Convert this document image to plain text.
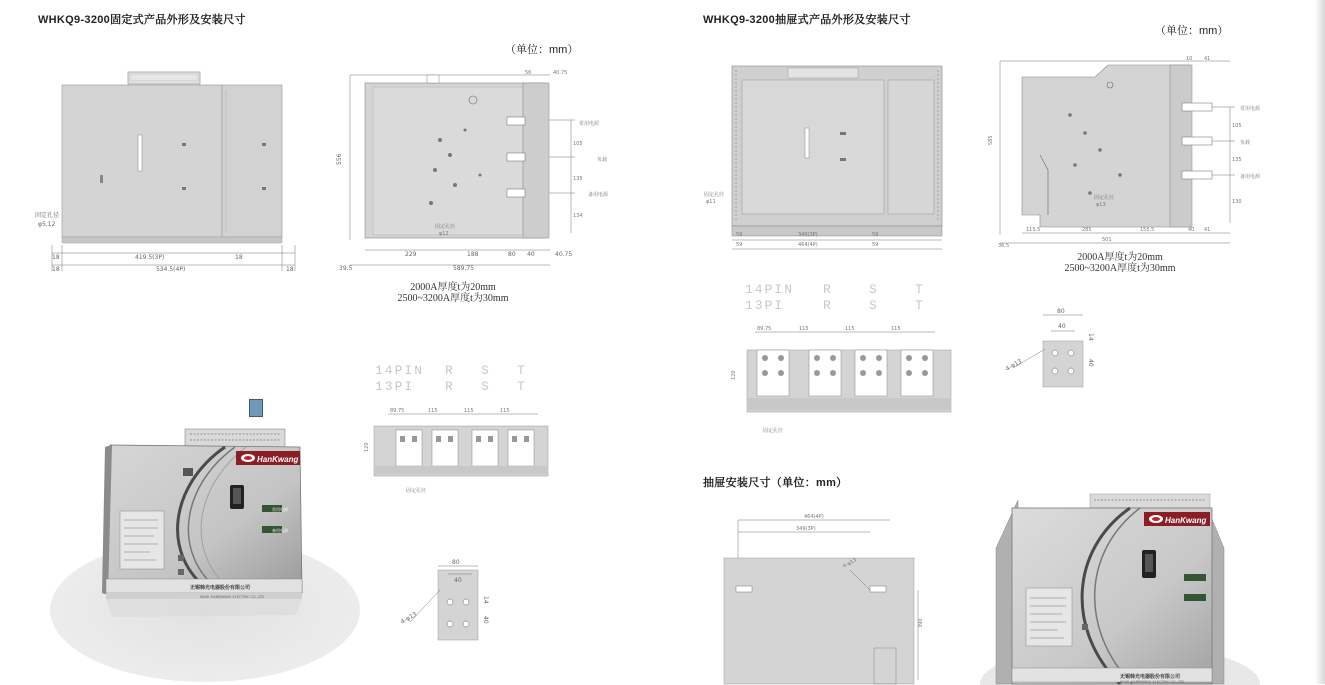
WHKQ9-3200固定式产品外形及安装尺寸
（单位：mm）
WHKQ9-3200抽屉式产品外形及安装尺寸
（单位：mm）
固定孔径
φ5.12
18
18
419.5(3P)	18
18
534.5(4P)
556
56	40.75
常用电源
负载
备用电源
105
135
134
固定孔径
φ12
229	188	80 40	40.75
589.75
39.5
2000A厚度t为20mm
2500~3200A厚度t为30mm
14PIN	R	S	T
13PI	R	S	T
89.75	115	115	115
120
固定孔径
80
40
14
40
4-φ13
HanKwang
常用电源
备用电源
无锡韩光电器股份有限公司
WUXI HANKWANG ELECTRIC CO.,LTD
固定孔径
φ11
59
59
349(3P)	59
59
464(4P)
585
10 41
常用电源
负载
备用电源
105
135
130
固定孔径
φ13
115.5	285	155.5	40 41
501
36.5
2000A厚度t为20mm
2500~3200A厚度t为30mm
14PIN	R	S	T
13PI	R	S	T
89.75	115	115	115
120
固定孔径
80
40
14
40
4-φ13
抽屉安装尺寸（单位：mm）
464(4P)
349(3P)
4-φ13
390
HanKwang
无锡韩光电器股份有限公司
WUXI HANKWANG ELECTRIC CO.,LTD
